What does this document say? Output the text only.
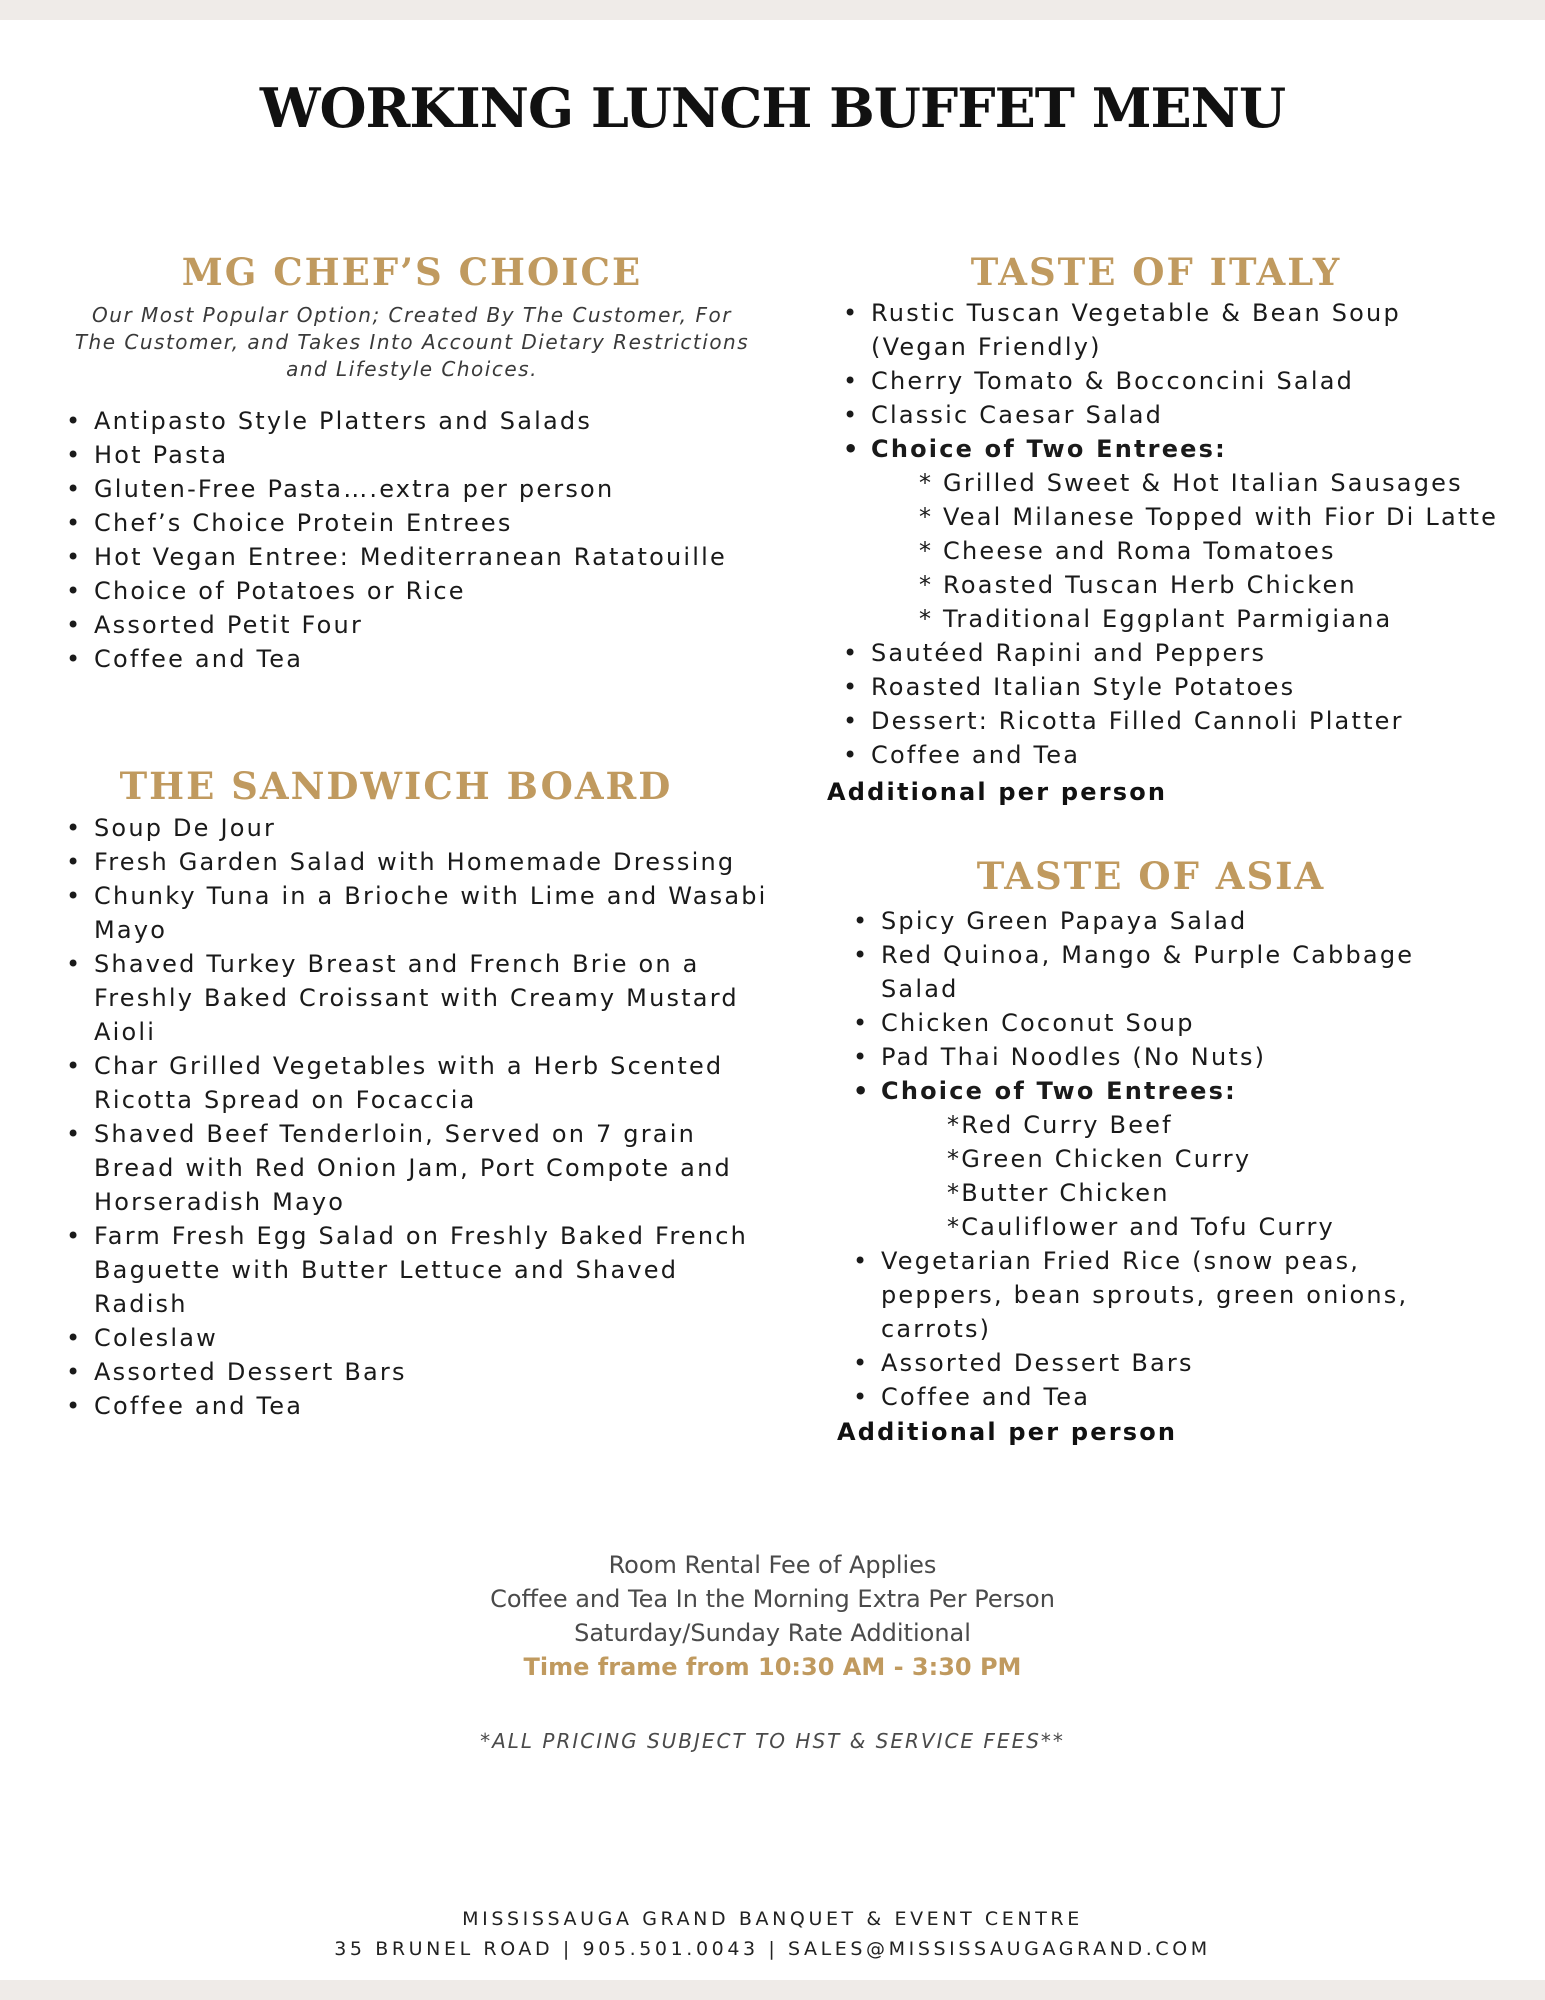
WORKING LUNCH BUFFET MENU
MG CHEF’S CHOICE
Our Most Popular Option; Created By The Customer, For
The Customer, and Takes Into Account Dietary Restrictions
and Lifestyle Choices.
• Antipasto Style Platters and Salads
• Hot Pasta
• Gluten-Free Pasta….extra per person
• Chef’s Choice Protein Entrees
• Hot Vegan Entree: Mediterranean Ratatouille
• Choice of Potatoes or Rice
• Assorted Petit Four
• Coffee and Tea
THE SANDWICH BOARD
• Soup De Jour
• Fresh Garden Salad with Homemade Dressing
• Chunky Tuna in a Brioche with Lime and Wasabi
Mayo
• Shaved Turkey Breast and French Brie on a
Freshly Baked Croissant with Creamy Mustard
Aioli
• Char Grilled Vegetables with a Herb Scented
Ricotta Spread on Focaccia
• Shaved Beef Tenderloin, Served on 7 grain
Bread with Red Onion Jam, Port Compote and
Horseradish Mayo
• Farm Fresh Egg Salad on Freshly Baked French
Baguette with Butter Lettuce and Shaved
Radish
• Coleslaw
• Assorted Dessert Bars
• Coffee and Tea
TASTE OF ITALY
• Rustic Tuscan Vegetable & Bean Soup
(Vegan Friendly)
• Cherry Tomato & Bocconcini Salad
• Classic Caesar Salad
• Choice of Two Entrees:
* Grilled Sweet & Hot Italian Sausages
* Veal Milanese Topped with Fior Di Latte
* Cheese and Roma Tomatoes
* Roasted Tuscan Herb Chicken
* Traditional Eggplant Parmigiana
• Sautéed Rapini and Peppers
• Roasted Italian Style Potatoes
• Dessert: Ricotta Filled Cannoli Platter
• Coffee and Tea
Additional per person
TASTE OF ASIA
• Spicy Green Papaya Salad
• Red Quinoa, Mango & Purple Cabbage
Salad
• Chicken Coconut Soup
• Pad Thai Noodles (No Nuts)
• Choice of Two Entrees:
*Red Curry Beef
*Green Chicken Curry
*Butter Chicken
*Cauliflower and Tofu Curry
• Vegetarian Fried Rice (snow peas,
peppers, bean sprouts, green onions,
carrots)
• Assorted Dessert Bars
• Coffee and Tea
Additional per person
Room Rental Fee of Applies
Coffee and Tea In the Morning Extra Per Person
Saturday/Sunday Rate Additional
Time frame from 10:30 AM - 3:30 PM
*ALL PRICING SUBJECT TO HST & SERVICE FEES**
MISSISSAUGA GRAND BANQUET & EVENT CENTRE
35 BRUNEL ROAD | 905.501.0043 | SALES@MISSISSAUGAGRAND.COM
